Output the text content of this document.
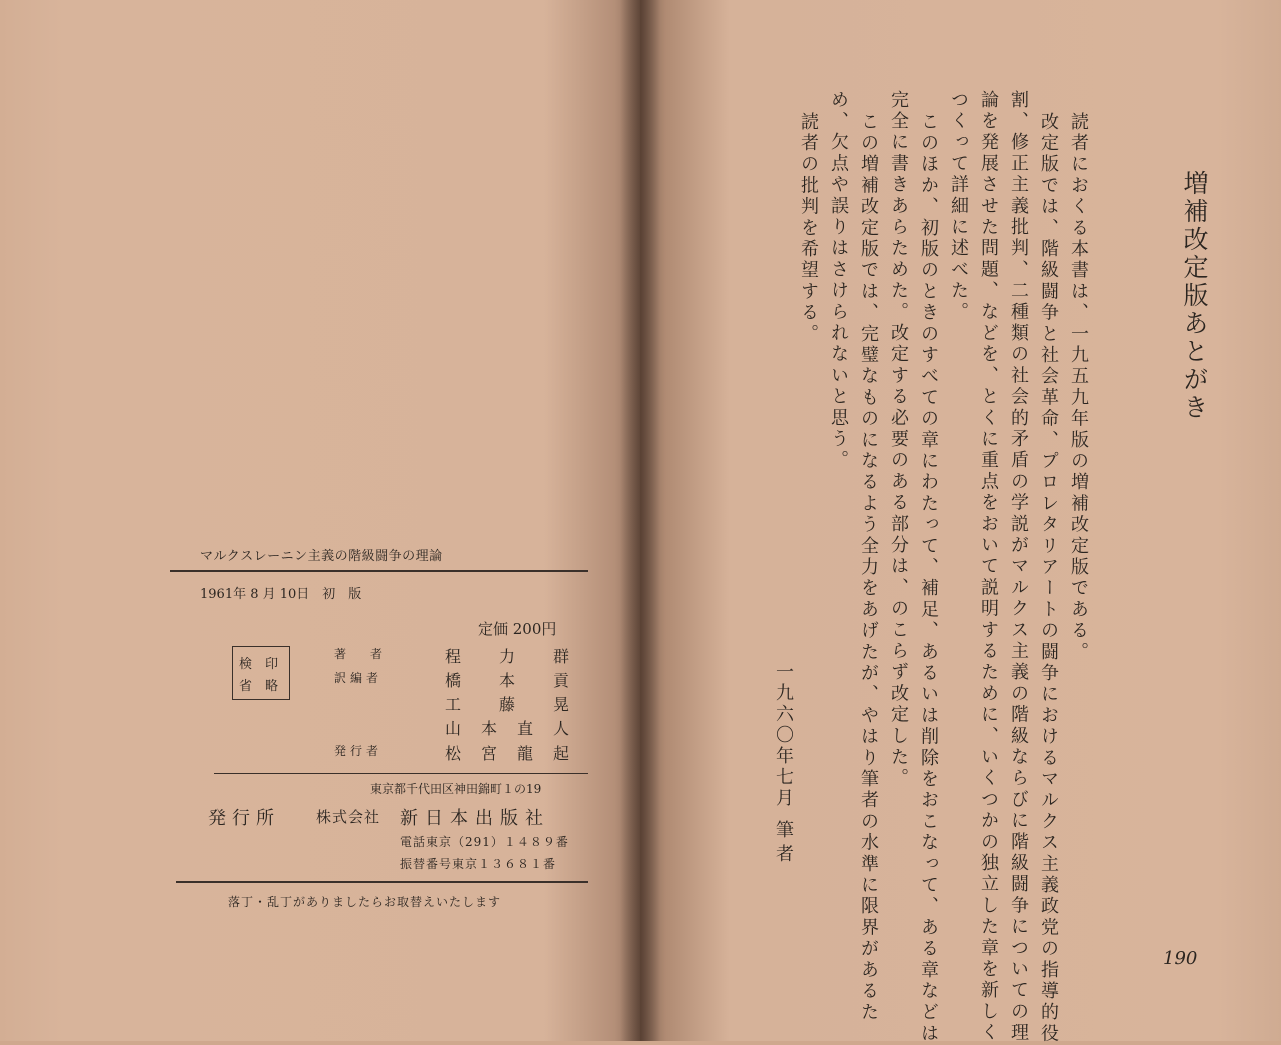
マルクスレーニン主義の階級闘争の理論
1961年 8 月 10日　初　版
定価 200円
検　印
省　略
著　者	程力群
訳編者	橋本貢
工藤晃
山本直人
発行者	松宮龍起
東京都千代田区神田錦町１の19
発行所 株式会社 新日本出版社
電話東京（291）１４８９番
振替番号東京１３６８１番
落丁・乱丁がありましたらお取替えいたします
増補改定版あとがき
読者におくる本書は、一九五九年版の増補改定版である。
改定版では、階級闘争と社会革命、プロレタリアートの闘争におけるマルクス主義政党の指導的役
割、修正主義批判、二種類の社会的矛盾の学説がマルクス主義の階級ならびに階級闘争についての理
論を発展させた問題、などを、とくに重点をおいて説明するために、いくつかの独立した章を新しく
つくって詳細に述べた。
このほか、初版のときのすべての章にわたって、補足、あるいは削除をおこなって、ある章などは
完全に書きあらためた。改定する必要のある部分は、のこらず改定した。
この増補改定版では、完璧なものになるよう全力をあげたが、やはり筆者の水準に限界があるた
め、欠点や誤りはさけられないと思う。
読者の批判を希望する。
一九六〇年七月
筆者
190
